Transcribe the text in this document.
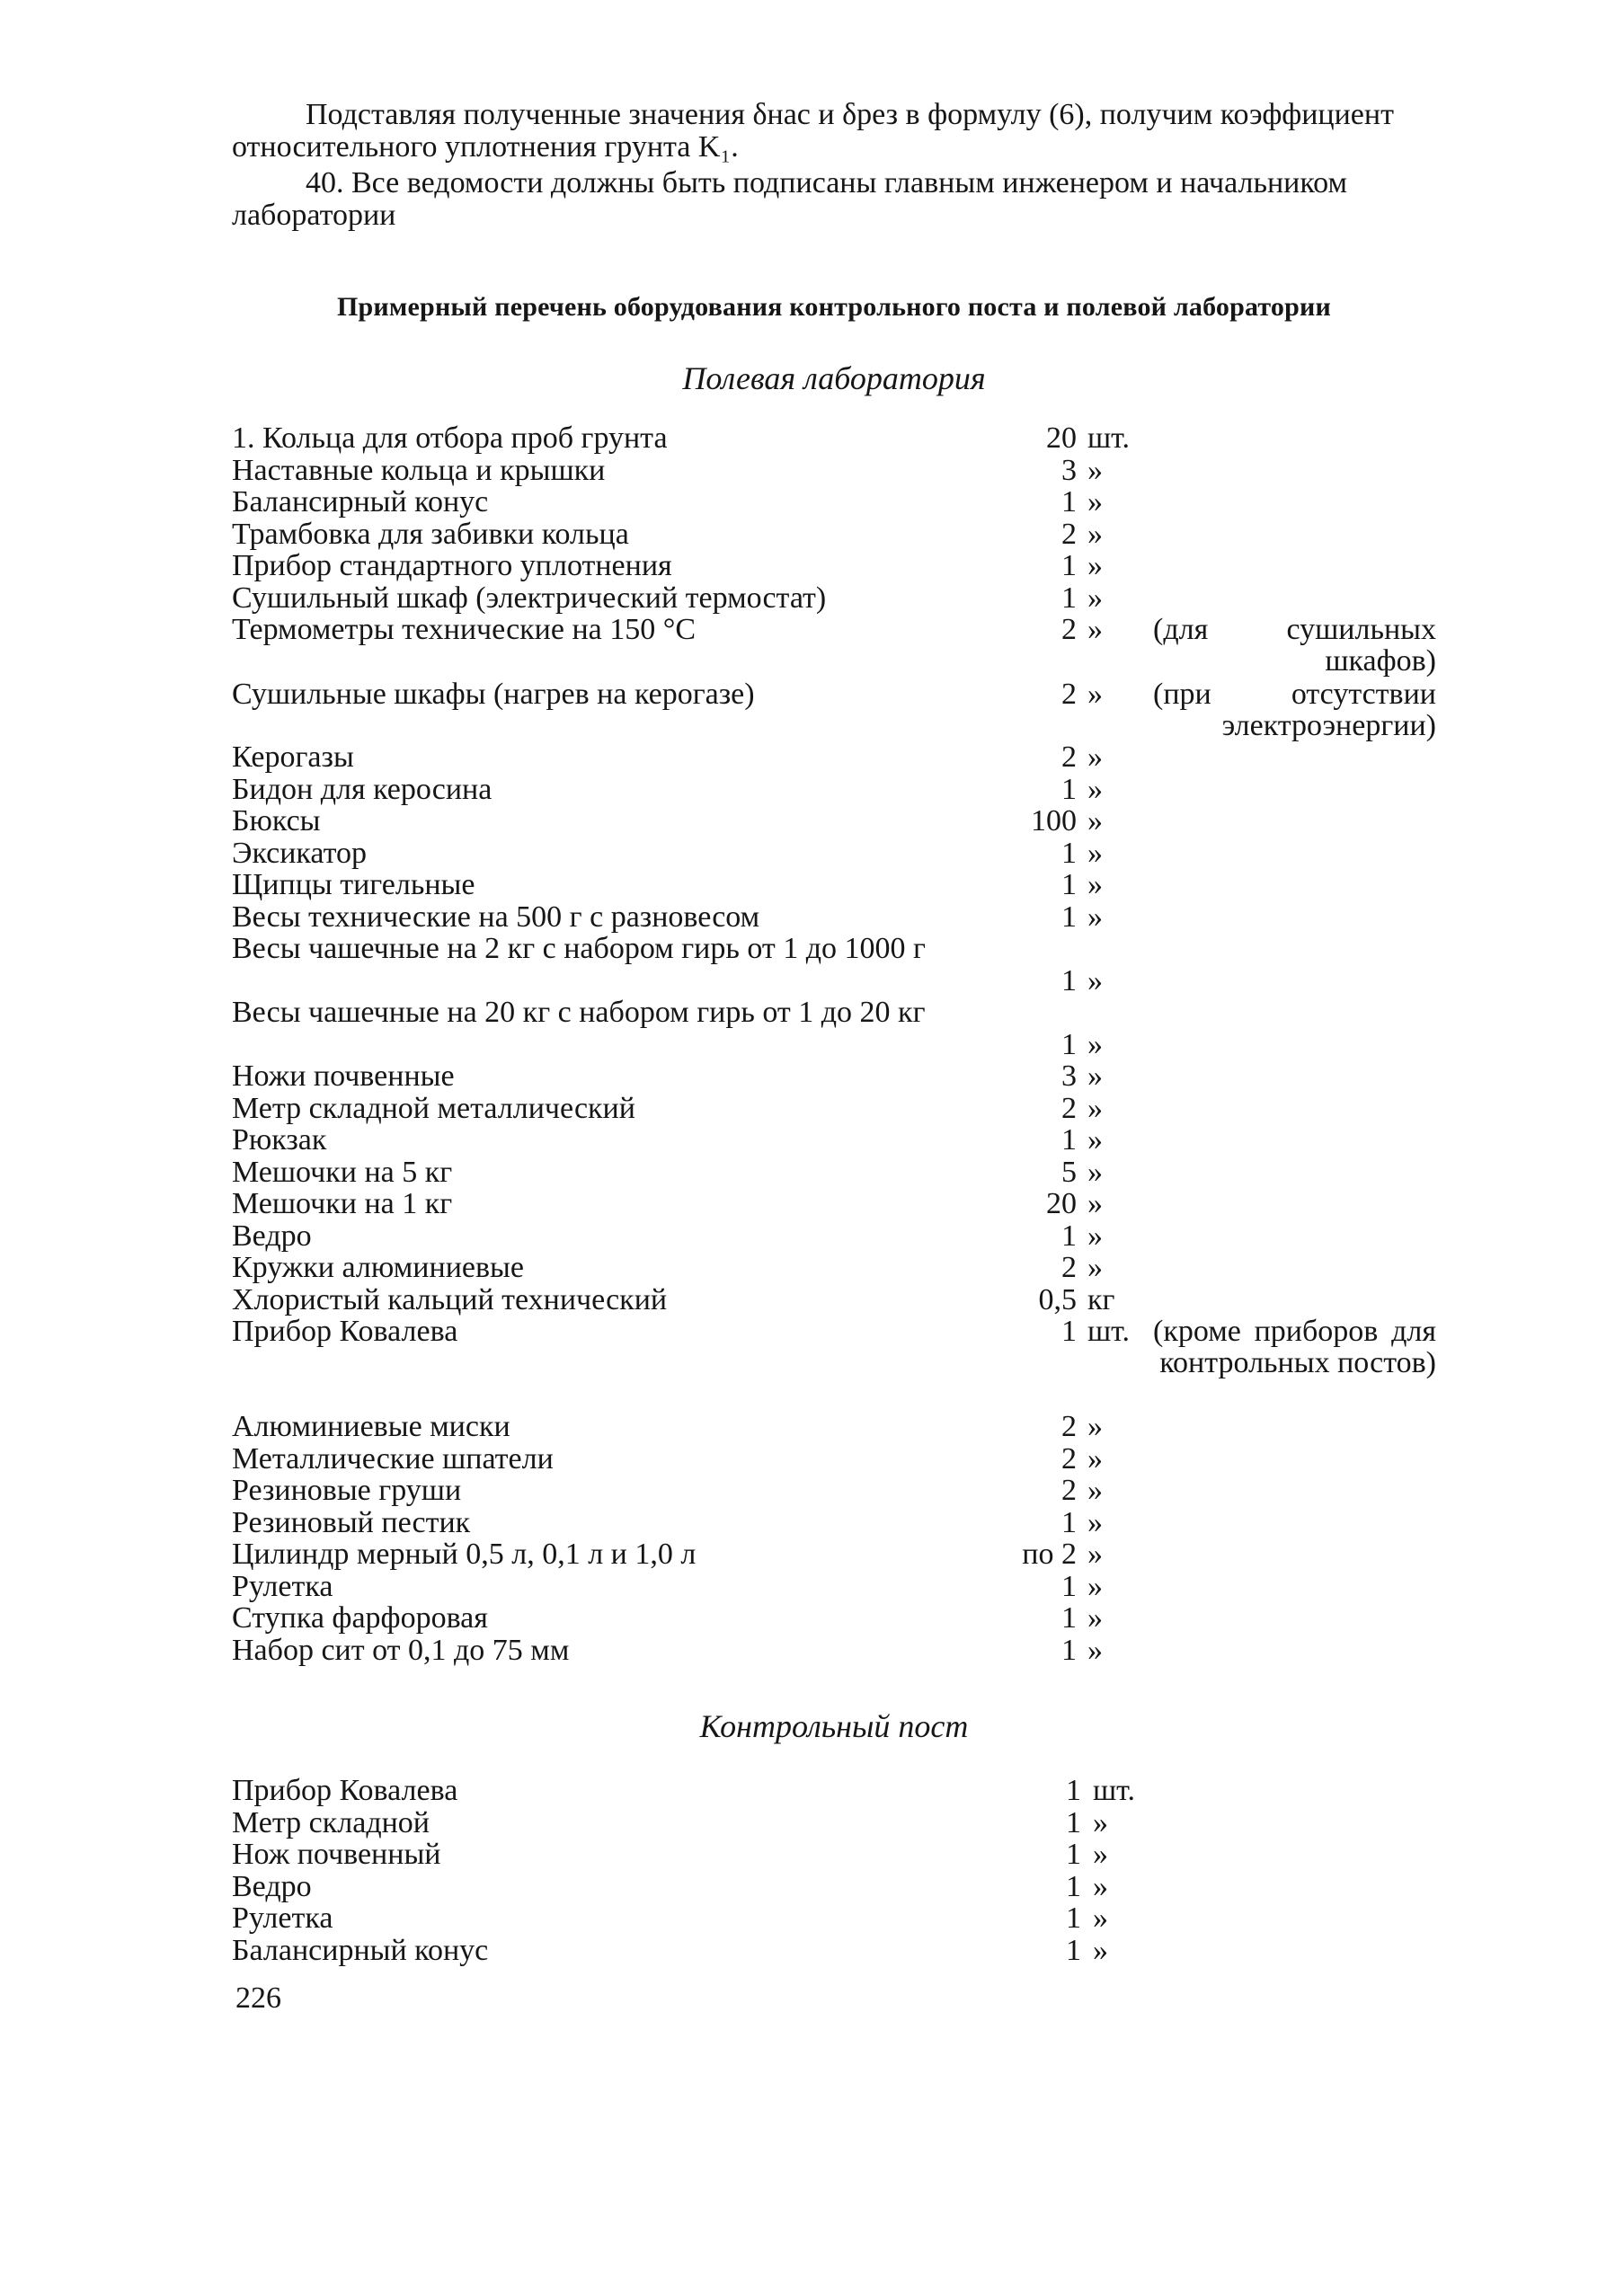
Подставляя полученные значения δнас и δрез в формулу (6), получим коэффициент относительного уплотнения грунта K₁.

40. Все ведомости должны быть подписаны главным инженером и начальником лаборатории

Примерный перечень оборудования контрольного поста и полевой лаборатории

Полевая лаборатория

1. Кольца для отбора проб грунта	20 шт.
Наставные кольца и крышки	3 »
Балансирный конус	1 »
Трамбовка для забивки кольца	2 »
Прибор стандартного уплотнения	1 »
Сушильный шкаф (электрический термостат)	1 »
Термометры технические на 150 °C	2 » (для сушильных шкафов)
Сушильные шкафы (нагрев на керогазе)	2 » (при отсутствии электроэнергии)
Керогазы	2 »
Бидон для керосина	1 »
Бюксы	100 »
Эксикатор	1 »
Щипцы тигельные	1 »
Весы технические на 500 г с разновесом	1 »
Весы чашечные на 2 кг с набором гирь от 1 до 1000 г
1 »
Весы чашечные на 20 кг с набором гирь от 1 до 20 кг
1 »
Ножи почвенные	3 »
Метр складной металлический	2 »
Рюкзак	1 »
Мешочки на 5 кг	5 »
Мешочки на 1 кг	20 »
Ведро	1 »
Кружки алюминиевые	2 »
Хлористый кальций технический	0,5 кг
Прибор Ковалева	1 шт. (кроме приборов для контрольных постов)
Алюминиевые миски	2 »
Металлические шпатели	2 »
Резиновые груши	2 »
Резиновый пестик	1 »
Цилиндр мерный 0,5 л, 0,1 л и 1,0 л	по 2 »
Рулетка	1 »
Ступка фарфоровая	1 »
Набор сит от 0,1 до 75 мм	1 »

Контрольный пост

Прибор Ковалева	1 шт.
Метр складной	1 »
Нож почвенный	1 »
Ведро	1 »
Рулетка	1 »
Балансирный конус	1 »

226
